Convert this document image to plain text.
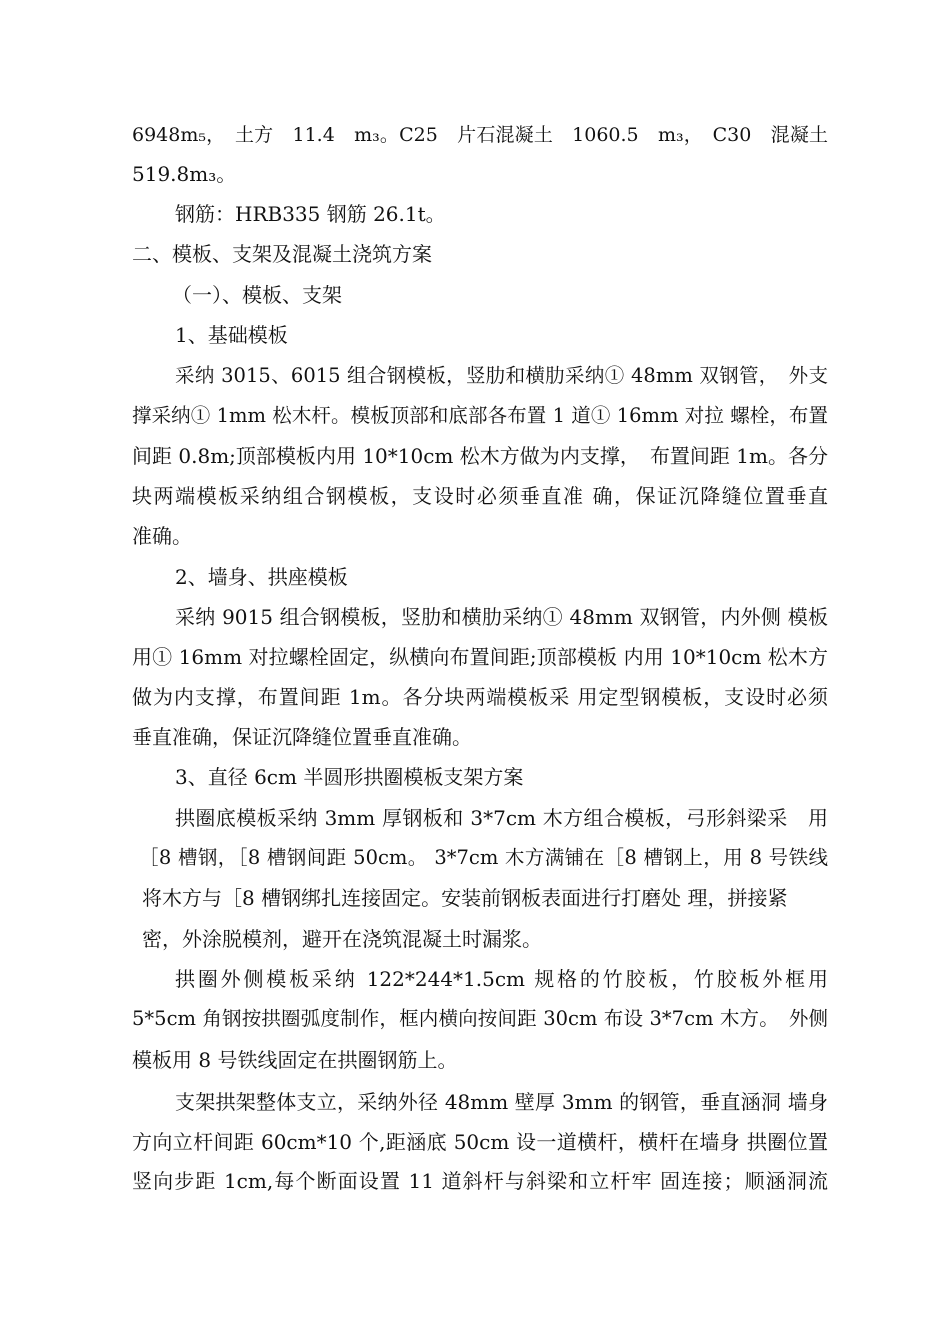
6948m₅，　土方　11.4　m₃。C25　片石混凝土　1060.5　m₃，　C30　混凝土
519.8m₃。
钢筋：HRB335 钢筋 26.1t。
二、模板、支架及混凝土浇筑方案
（一）、模板、支架
1、基础模板
采纳 3015、6015 组合钢模板，竖肋和横肋采纳① 48mm 双钢管，　外支
撑采纳① 1mm 松木杆。模板顶部和底部各布置 1 道① 16mm 对拉 螺栓，布置
间距 0.8m;顶部模板内用 10*10cm 松木方做为内支撑，　布置间距 1m。各分
块两端模板采纳组合钢模板，支设时必须垂直准 确，保证沉降缝位置垂直
准确。
2、墙身、拱座模板
采纳 9015 组合钢模板，竖肋和横肋采纳① 48mm 双钢管，内外侧 模板
用① 16mm 对拉螺栓固定，纵横向布置间距;顶部模板 内用 10*10cm 松木方
做为内支撑，布置间距 1m。各分块两端模板采 用定型钢模板，支设时必须
垂直准确，保证沉降缝位置垂直准确。
3、直径 6cm 半圆形拱圈模板支架方案
拱圈底模板采纳 3mm 厚钢板和 3*7cm 木方组合模板，弓形斜梁采　用
［8 槽钢，［8 槽钢间距 50cm。 3*7cm 木方满铺在［8 槽钢上，用 8 号铁线
将木方与［8 槽钢绑扎连接固定。安装前钢板表面进行打磨处 理，拼接紧
密，外涂脱模剂，避开在浇筑混凝土时漏浆。
拱圈外侧模板采纳 122*244*1.5cm 规格的竹胶板，竹胶板外框用
5*5cm 角钢按拱圈弧度制作，框内横向按间距 30cm 布设 3*7cm 木方。　外侧
模板用 8 号铁线固定在拱圈钢筋上。
支架拱架整体支立，采纳外径 48mm 壁厚 3mm 的钢管，垂直涵洞 墙身
方向立杆间距 60cm*10 个,距涵底 50cm 设一道横杆，横杆在墙身 拱圈位置
竖向步距 1cm,每个断面设置 11 道斜杆与斜梁和立杆牢 固连接；顺涵洞流
